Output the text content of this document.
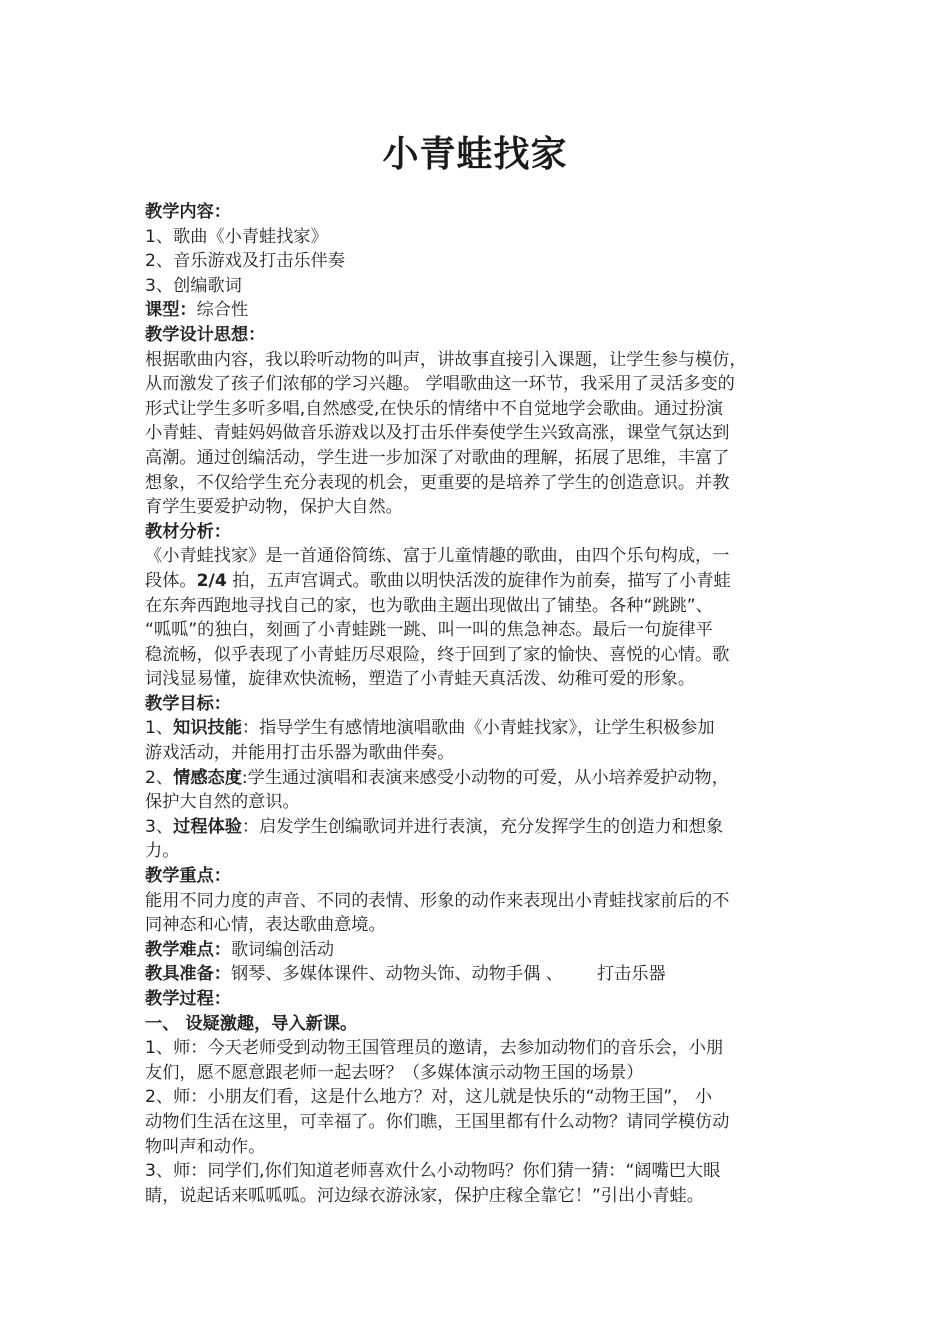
小青蛙找家
教学内容：
1、歌曲《小青蛙找家》
2、音乐游戏及打击乐伴奏
3、创编歌词
课型：综合性
教学设计思想：
根据歌曲内容，我以聆听动物的叫声，讲故事直接引入课题，让学生参与模仿，
从而激发了孩子们浓郁的学习兴趣。 学唱歌曲这一环节，我采用了灵活多变的
形式让学生多听多唱,自然感受,在快乐的情绪中不自觉地学会歌曲。通过扮演
小青蛙、青蛙妈妈做音乐游戏以及打击乐伴奏使学生兴致高涨，课堂气氛达到
高潮。通过创编活动，学生进一步加深了对歌曲的理解，拓展了思维，丰富了
想象，不仅给学生充分表现的机会，更重要的是培养了学生的创造意识。并教
育学生要爱护动物，保护大自然。
教材分析：
《小青蛙找家》是一首通俗简练、富于儿童情趣的歌曲，由四个乐句构成，一
段体。2/4 拍，五声宫调式。歌曲以明快活泼的旋律作为前奏，描写了小青蛙
在东奔西跑地寻找自己的家，也为歌曲主题出现做出了铺垫。各种“跳跳”、
“呱呱”的独白，刻画了小青蛙跳一跳、叫一叫的焦急神态。最后一句旋律平
稳流畅，似乎表现了小青蛙历尽艰险，终于回到了家的愉快、喜悦的心情。歌
词浅显易懂，旋律欢快流畅，塑造了小青蛙天真活泼、幼稚可爱的形象。
教学目标：
1、知识技能：指导学生有感情地演唱歌曲《小青蛙找家》，让学生积极参加
游戏活动，并能用打击乐器为歌曲伴奏。
2、情感态度:学生通过演唱和表演来感受小动物的可爱，从小培养爱护动物，
保护大自然的意识。
3、过程体验：启发学生创编歌词并进行表演，充分发挥学生的创造力和想象
力。
教学重点：
能用不同力度的声音、不同的表情、形象的动作来表现出小青蛙找家前后的不
同神态和心情，表达歌曲意境。
教学难点：歌词编创活动
教具准备：钢琴、多媒体课件、动物头饰、动物手偶 、 打击乐器
教学过程：
一、 设疑激趣，导入新课。
1、师：今天老师受到动物王国管理员的邀请，去参加动物们的音乐会，小朋
友们，愿不愿意跟老师一起去呀？（多媒体演示动物王国的场景）
2、师：小朋友们看，这是什么地方？对，这儿就是快乐的“动物王国”， 小
动物们生活在这里，可幸福了。你们瞧，王国里都有什么动物？请同学模仿动
物叫声和动作。
3、师：同学们,你们知道老师喜欢什么小动物吗？你们猜一猜：“阔嘴巴大眼
睛，说起话来呱呱呱。河边绿衣游泳家，保护庄稼全靠它！”引出小青蛙。
